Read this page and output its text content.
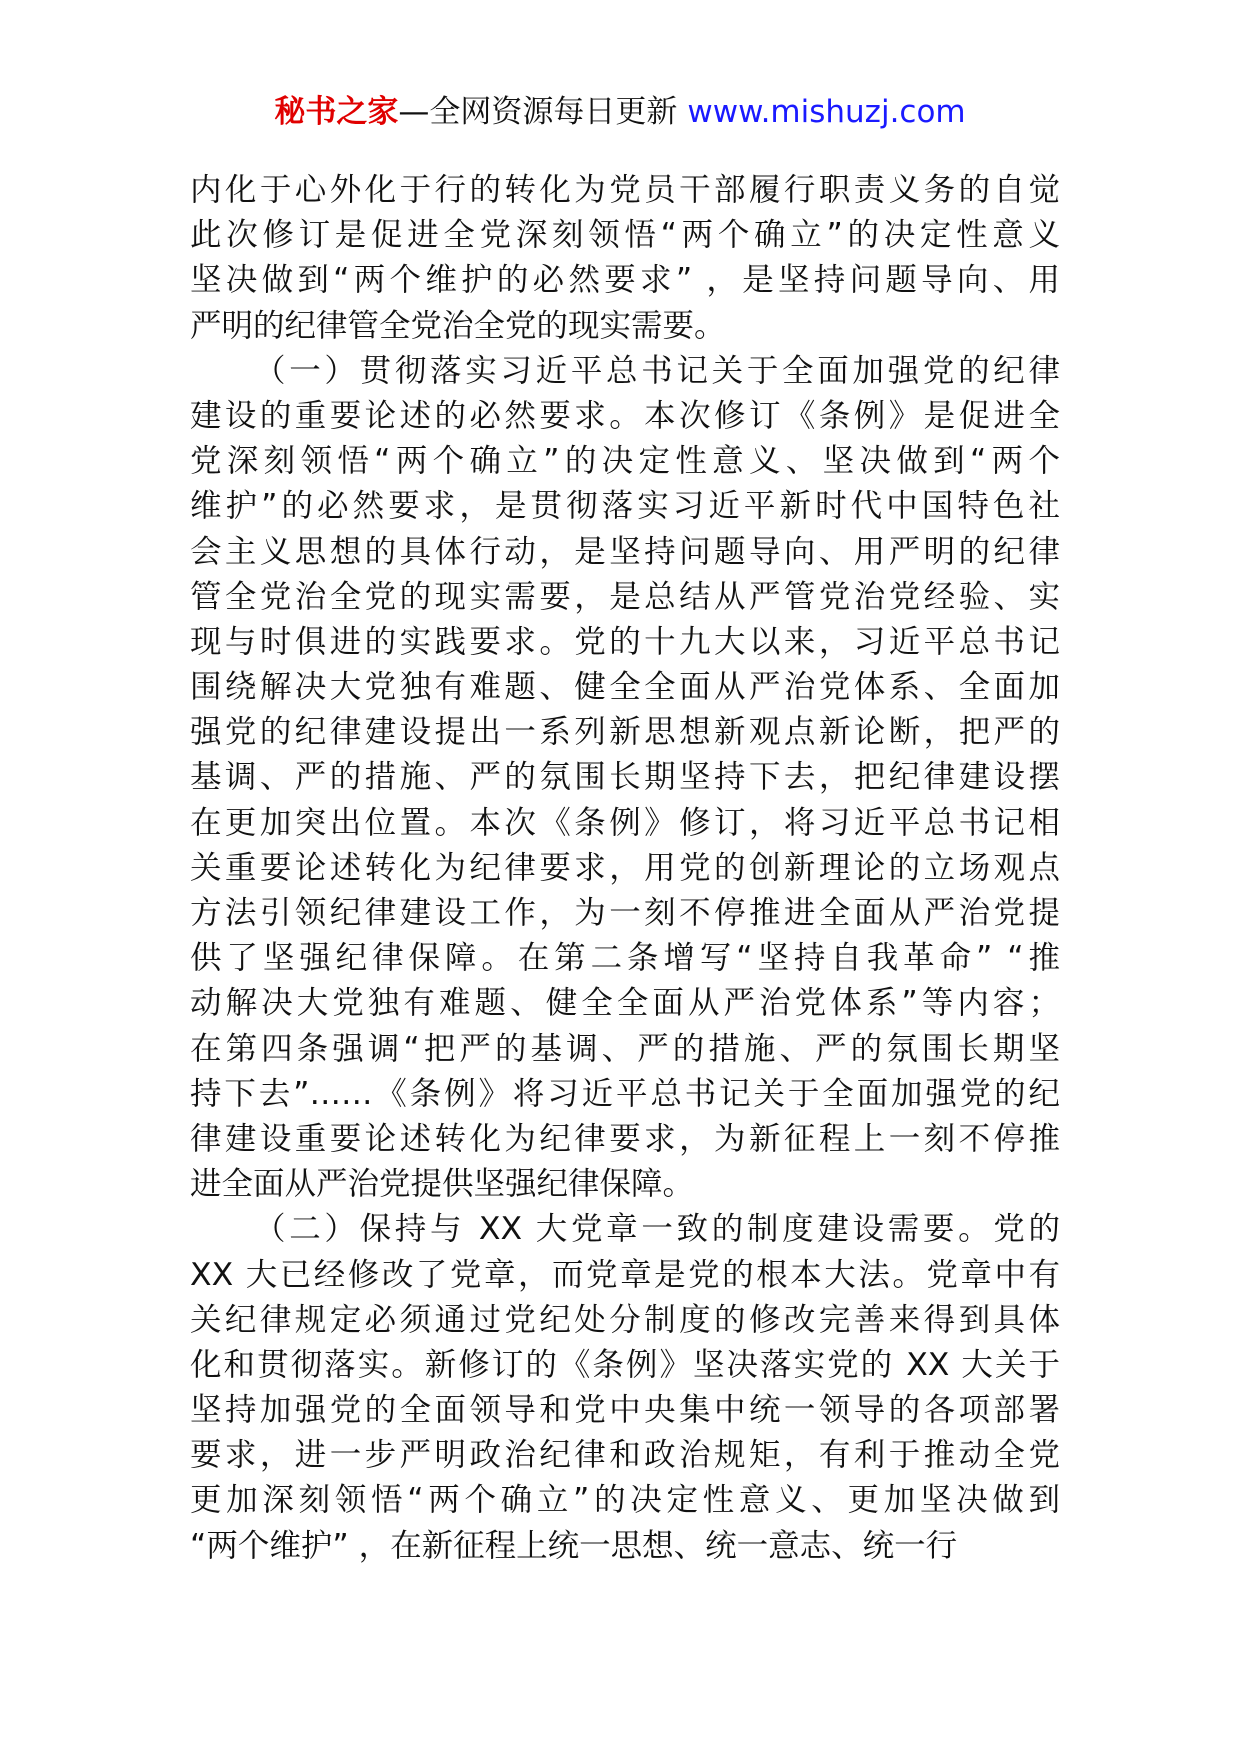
秘书之家—全网资源每日更新 www.mishuzj.com
内化于心外化于行的转化为党员干部履行职责义务的自觉
此次修订是促进全党深刻领悟“两个确立”的决定性意义
坚决做到“两个维护的必然要求” ，是坚持问题导向、用
严明的纪律管全党治全党的现实需要。
（一）贯彻落实习近平总书记关于全面加强党的纪律
建设的重要论述的必然要求。本次修订《条例》是促进全
党深刻领悟“两个确立”的决定性意义、坚决做到“两个
维护”的必然要求，是贯彻落实习近平新时代中国特色社
会主义思想的具体行动，是坚持问题导向、用严明的纪律
管全党治全党的现实需要，是总结从严管党治党经验、实
现与时俱进的实践要求。党的十九大以来，习近平总书记
围绕解决大党独有难题、健全全面从严治党体系、全面加
强党的纪律建设提出一系列新思想新观点新论断，把严的
基调、严的措施、严的氛围长期坚持下去，把纪律建设摆
在更加突出位置。本次《条例》修订，将习近平总书记相
关重要论述转化为纪律要求，用党的创新理论的立场观点
方法引领纪律建设工作，为一刻不停推进全面从严治党提
供了坚强纪律保障。在第二条增写“坚持自我革命” “推
动解决大党独有难题、健全全面从严治党体系”等内容；
在第四条强调“把严的基调、严的措施、严的氛围长期坚
持下去”……《条例》将习近平总书记关于全面加强党的纪
律建设重要论述转化为纪律要求，为新征程上一刻不停推
进全面从严治党提供坚强纪律保障。
（二）保持与 XX 大党章一致的制度建设需要。党的
XX 大已经修改了党章，而党章是党的根本大法。党章中有
关纪律规定必须通过党纪处分制度的修改完善来得到具体
化和贯彻落实。新修订的《条例》坚决落实党的 XX 大关于
坚持加强党的全面领导和党中央集中统一领导的各项部署
要求，进一步严明政治纪律和政治规矩，有利于推动全党
更加深刻领悟“两个确立”的决定性意义、更加坚决做到
“两个维护” ，在新征程上统一思想、统一意志、统一行
